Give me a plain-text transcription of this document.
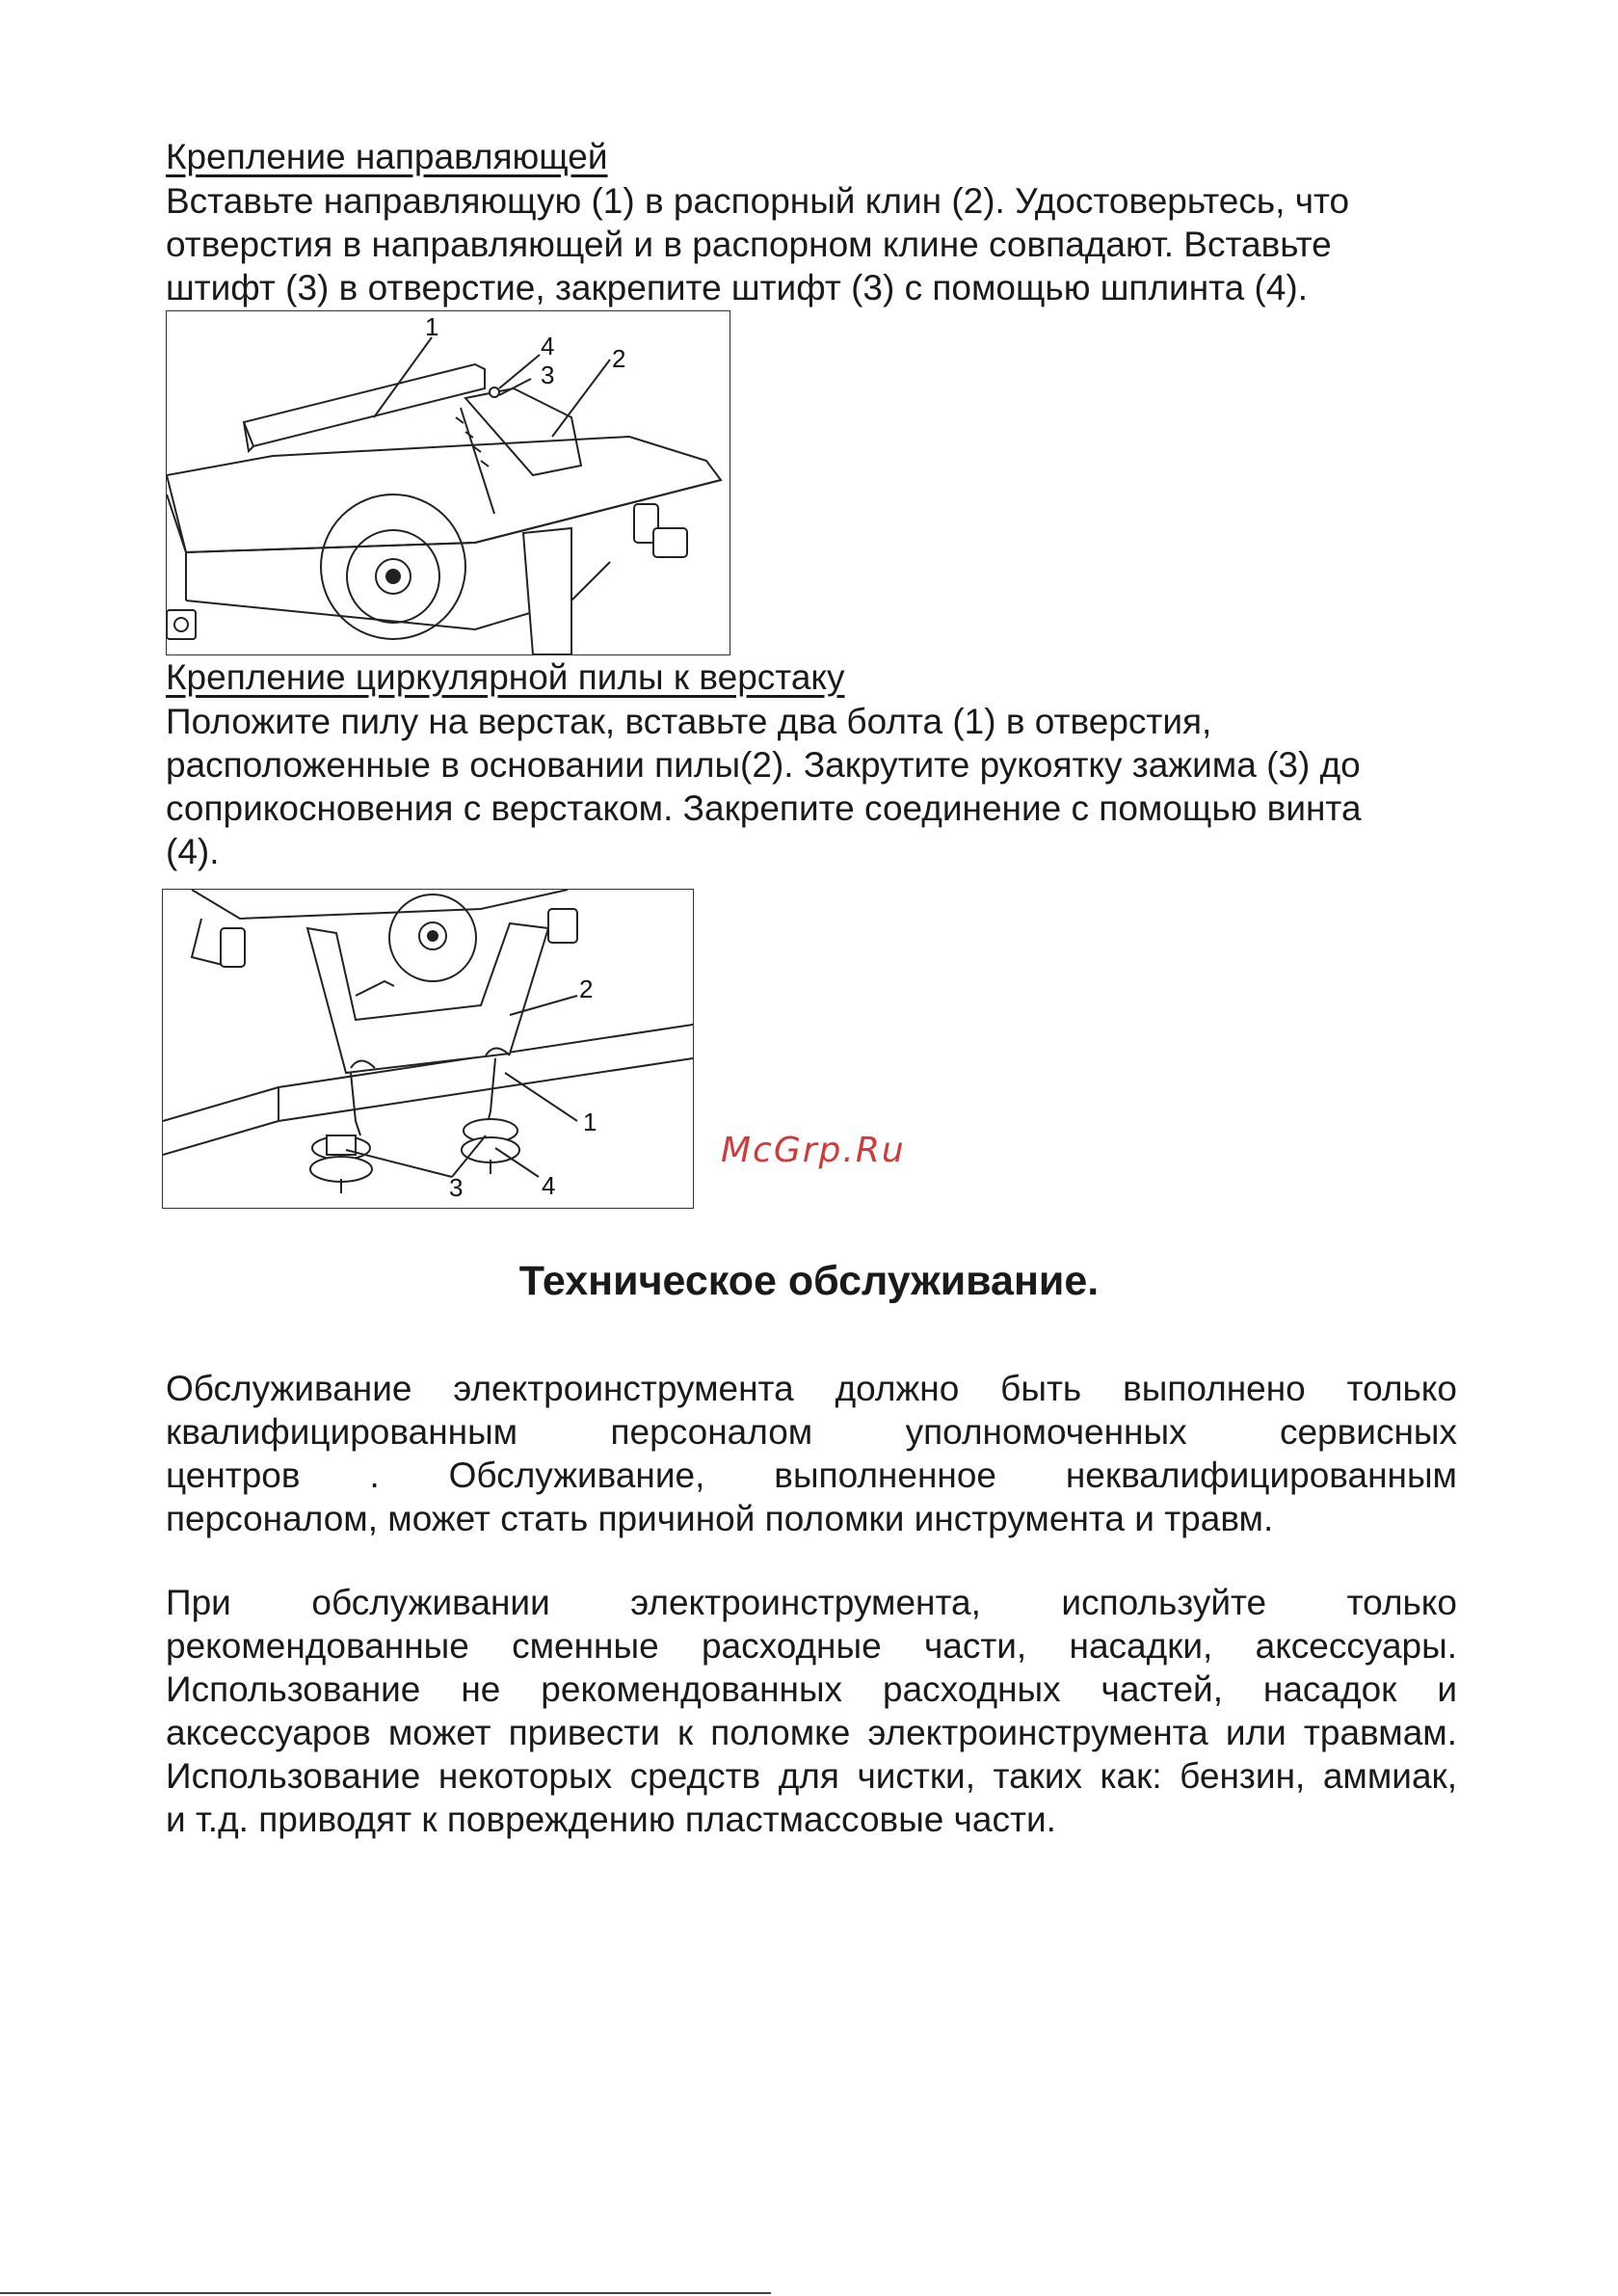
Крепление направляющей

Вставьте направляющую (1) в распорный клин (2). Удостоверьтесь, что
отверстия в направляющей и в распорном клине совпадают. Вставьте
штифт (3) в отверстие, закрепите штифт (3) с помощью шплинта (4).

1
4
3
2

Крепление циркулярной пилы к верстаку

Положите пилу на верстак, вставьте два болта (1) в отверстия,
расположенные в основании пилы(2). Закрутите рукоятку зажима (3) до
соприкосновения с верстаком. Закрепите соединение с помощью винта
(4).

2
1
3	4
McGrp.Ru
Техническое обслуживание.

Обслуживание электроинструмента должно быть выполнено только
квалифицированным персоналом уполномоченных сервисных
центров . Обслуживание, выполненное неквалифицированным
персоналом, может стать причиной поломки инструмента и травм.

При обслуживании электроинструмента, используйте только
рекомендованные сменные расходные части, насадки, аксессуары.
Использование не рекомендованных расходных частей, насадок и
аксессуаров может привести к поломке электроинструмента или травмам.
Использование некоторых средств для чистки, таких как: бензин, аммиак,
и т.д. приводят к повреждению пластмассовые части.
